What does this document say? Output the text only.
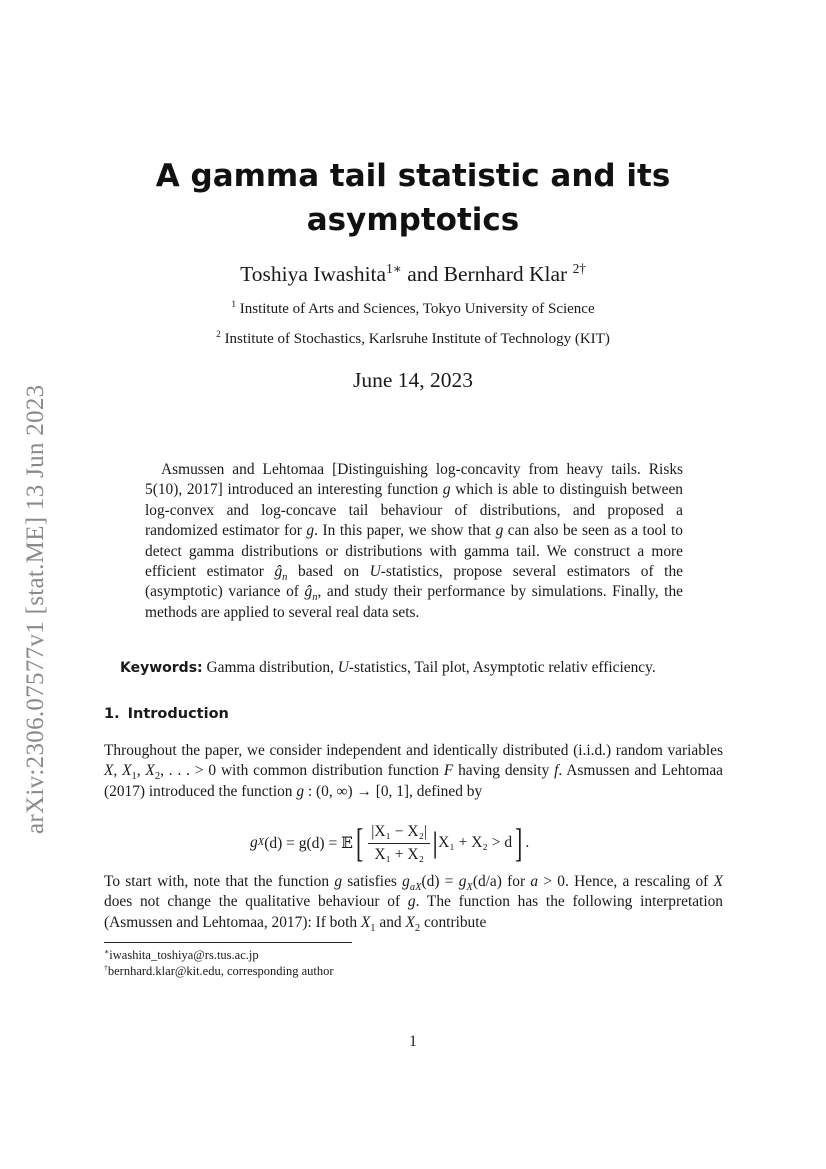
arXiv:2306.07577v1 [stat.ME] 13 Jun 2023
A gamma tail statistic and its
asymptotics
Toshiya Iwashita$^{1∗}$ and Bernhard Klar $^{2\dagger}$
$^1$ Institute of Arts and Sciences, Tokyo University of Science
$^2$ Institute of Stochastics, Karlsruhe Institute of Technology (KIT)
June 14, 2023

Asmussen and Lehtomaa [Distinguishing log-concavity from heavy tails. Risks 5(10), 2017] introduced an interesting function g which is able to distinguish between log-convex and log-concave tail behaviour of distributions, and proposed a randomized estimator for g. In this paper, we show that g can also be seen as a tool to detect gamma distributions or distributions with gamma tail. We construct a more efficient estimator $ĝ_n$ based on U-statistics, propose several estimators of the (asymptotic) variance of $ĝ_n$, and study their performance by simulations. Finally, the methods are applied to several real data sets.

Keywords: Gamma distribution, U-statistics, Tail plot, Asymptotic relativ efficiency.
1. Introduction

Throughout the paper, we consider independent and identically distributed (i.i.d.) random variables X, $X_1$, $X_2$, . . . > 0 with common distribution function F having density f. Asmussen and Lehtomaa (2017) introduced the function g : (0, ∞) → [0, 1], defined by

g X (d) = g(d) = 𝔼 [ $\frac{\text{|X₁ − X₂|}}{\text{X₁ + X₂}}$ | X₁ + X₂ > d ] .

To start with, note that the function g satisfies $g_{aX}(d) = g_X(d/a)$ for a > 0. Hence, a rescaling of X does not change the qualitative behaviour of g. The function has the following interpretation (Asmussen and Lehtomaa, 2017): If both $X_1$ and $X_2$ contribute

∗iwashita_toshiya@rs.tus.ac.jp
†bernhard.klar@kit.edu, corresponding author
1
